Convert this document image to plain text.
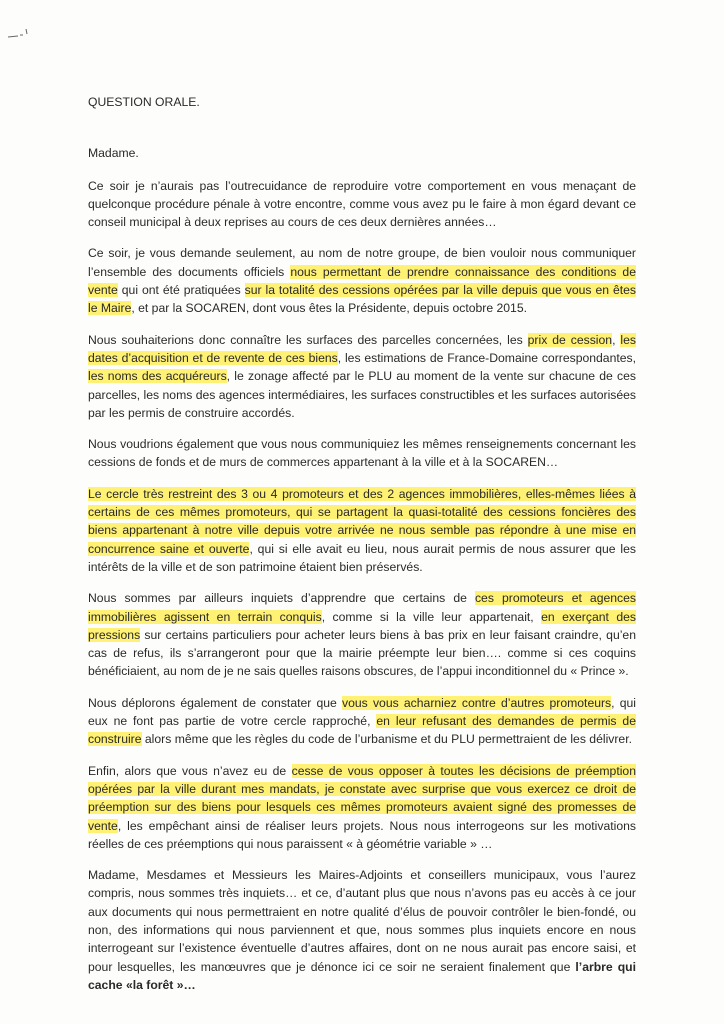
QUESTION ORALE.
Madame.

Ce soir je n’aurais pas l’outrecuidance de reproduire votre comportement en vous menaçant de quelconque procédure pénale à votre encontre, comme vous avez pu le faire à mon égard devant ce conseil municipal à deux reprises au cours de ces deux dernières années…

Ce soir, je vous demande seulement, au nom de notre groupe, de bien vouloir nous communiquer l’ensemble des documents officiels nous permettant de prendre connaissance des conditions de vente qui ont été pratiquées sur la totalité des cessions opérées par la ville depuis que vous en êtes le Maire, et par la SOCAREN, dont vous êtes la Présidente, depuis octobre 2015.

Nous souhaiterions donc connaître les surfaces des parcelles concernées, les prix de cession, les dates d’acquisition et de revente de ces biens, les estimations de France-Domaine correspondantes, les noms des acquéreurs, le zonage affecté par le PLU au moment de la vente sur chacune de ces parcelles, les noms des agences intermédiaires, les surfaces constructibles et les surfaces autorisées par les permis de construire accordés.

Nous voudrions également que vous nous communiquiez les mêmes renseignements concernant les cessions de fonds et de murs de commerces appartenant à la ville et à la SOCAREN…

Le cercle très restreint des 3 ou 4 promoteurs et des 2 agences immobilières, elles-mêmes liées à certains de ces mêmes promoteurs, qui se partagent la quasi-totalité des cessions foncières des biens appartenant à notre ville depuis votre arrivée ne nous semble pas répondre à une mise en concurrence saine et ouverte, qui si elle avait eu lieu, nous aurait permis de nous assurer que les intérêts de la ville et de son patrimoine étaient bien préservés.

Nous sommes par ailleurs inquiets d’apprendre que certains de ces promoteurs et agences immobilières agissent en terrain conquis, comme si la ville leur appartenait, en exerçant des pressions sur certains particuliers pour acheter leurs biens à bas prix en leur faisant craindre, qu’en cas de refus, ils s’arrangeront pour que la mairie préempte leur bien…. comme si ces coquins bénéficiaient, au nom de je ne sais quelles raisons obscures, de l’appui inconditionnel du « Prince ».

Nous déplorons également de constater que vous vous acharniez contre d’autres promoteurs, qui eux ne font pas partie de votre cercle rapproché, en leur refusant des demandes de permis de construire alors même que les règles du code de l’urbanisme et du PLU permettraient de les délivrer.

Enfin, alors que vous n’avez eu de cesse de vous opposer à toutes les décisions de préemption opérées par la ville durant mes mandats, je constate avec surprise que vous exercez ce droit de préemption sur des biens pour lesquels ces mêmes promoteurs avaient signé des promesses de vente, les empêchant ainsi de réaliser leurs projets. Nous nous interrogeons sur les motivations réelles de ces préemptions qui nous paraissent « à géométrie variable » …

Madame, Mesdames et Messieurs les Maires-Adjoints et conseillers municipaux, vous l’aurez compris, nous sommes très inquiets… et ce, d’autant plus que nous n’avons pas eu accès à ce jour aux documents qui nous permettraient en notre qualité d’élus de pouvoir contrôler le bien-fondé, ou non, des informations qui nous parviennent et que, nous sommes plus inquiets encore en nous interrogeant sur l’existence éventuelle d’autres affaires, dont on ne nous aurait pas encore saisi, et pour lesquelles, les manœuvres que je dénonce ici ce soir ne seraient finalement que l’arbre qui cache «la forêt »…
